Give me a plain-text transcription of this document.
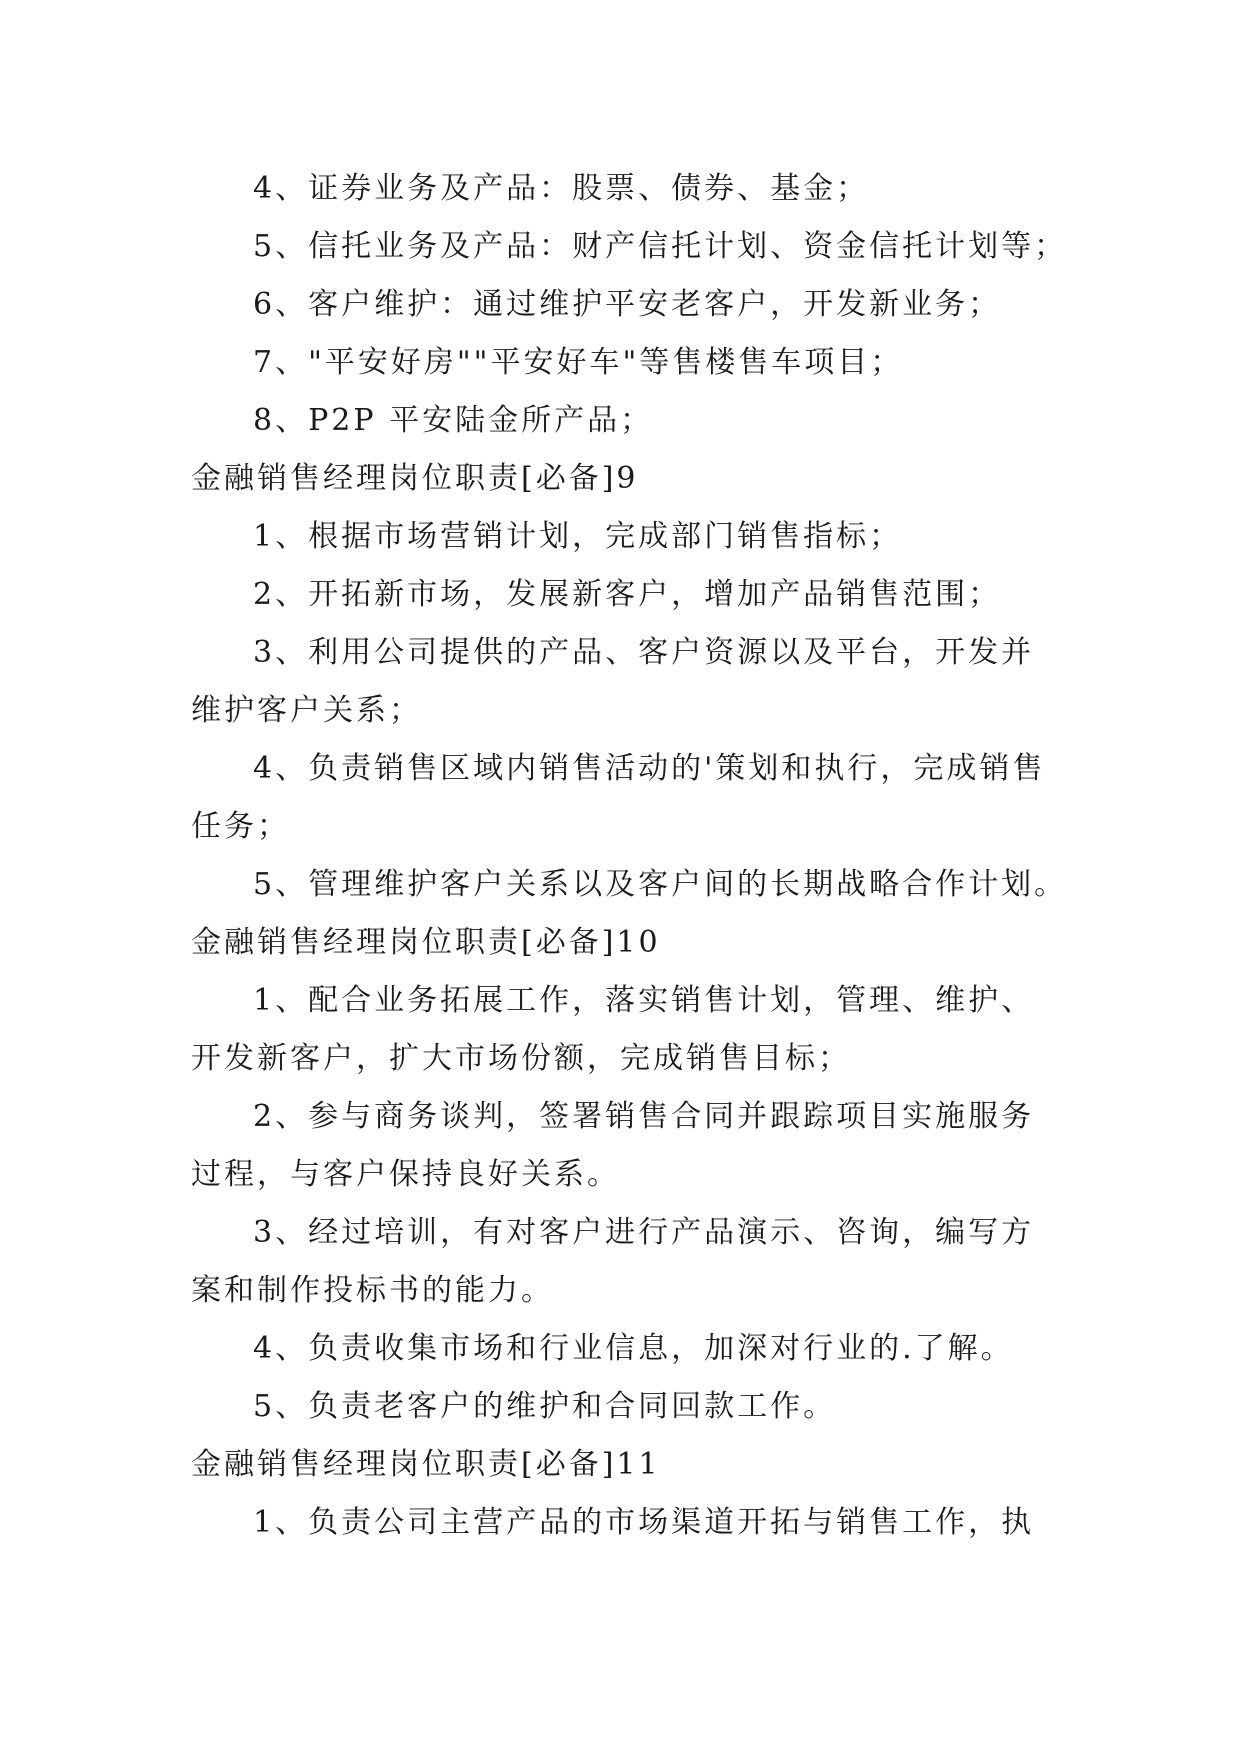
4、证券业务及产品：股票、债券、基金；
5、信托业务及产品：财产信托计划、资金信托计划等；
6、客户维护：通过维护平安老客户，开发新业务；
7、"平安好房""平安好车"等售楼售车项目；
8、P2P 平安陆金所产品；
金融销售经理岗位职责[必备]9
1、根据市场营销计划，完成部门销售指标；
2、开拓新市场，发展新客户，增加产品销售范围；
3、利用公司提供的产品、客户资源以及平台，开发并
维护客户关系；
4、负责销售区域内销售活动的'策划和执行，完成销售
任务；
5、管理维护客户关系以及客户间的长期战略合作计划。
金融销售经理岗位职责[必备]10
1、配合业务拓展工作，落实销售计划，管理、维护、
开发新客户，扩大市场份额，完成销售目标；
2、参与商务谈判，签署销售合同并跟踪项目实施服务
过程，与客户保持良好关系。
3、经过培训，有对客户进行产品演示、咨询，编写方
案和制作投标书的能力。
4、负责收集市场和行业信息，加深对行业的.了解。
5、负责老客户的维护和合同回款工作。
金融销售经理岗位职责[必备]11
1、负责公司主营产品的市场渠道开拓与销售工作，执
